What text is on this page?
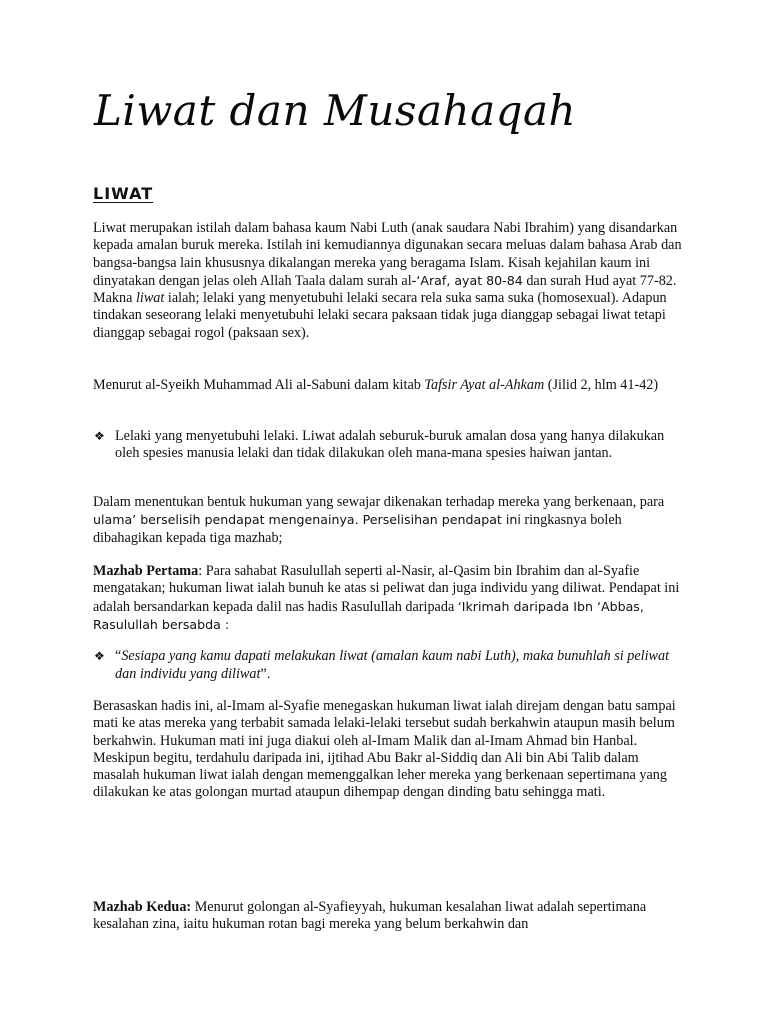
Liwat dan Musahaqah
LIWAT

Liwat merupakan istilah dalam bahasa kaum Nabi Luth (anak saudara Nabi Ibrahim) yang disandarkan kepada amalan buruk mereka. Istilah ini kemudiannya digunakan secara meluas dalam bahasa Arab dan bangsa-bangsa lain khususnya dikalangan mereka yang beragama Islam. Kisah kejahilan kaum ini dinyatakan dengan jelas oleh Allah Taala dalam surah al-‘Araf, ayat 80-84 dan surah Hud ayat 77-82. Makna liwat ialah; lelaki yang menyetubuhi lelaki secara rela suka sama suka (homosexual). Adapun tindakan seseorang lelaki menyetubuhi lelaki secara paksaan tidak juga dianggap sebagai liwat tetapi dianggap sebagai rogol (paksaan sex).

Menurut al-Syeikh Muhammad Ali al-Sabuni dalam kitab Tafsir Ayat al-Ahkam (Jilid 2, hlm 41-42)

❖ Lelaki yang menyetubuhi lelaki. Liwat adalah seburuk-buruk amalan dosa yang hanya dilakukan oleh spesies manusia lelaki dan tidak dilakukan oleh mana-mana spesies haiwan jantan.

Dalam menentukan bentuk hukuman yang sewajar dikenakan terhadap mereka yang berkenaan, para ulama’ berselisih pendapat mengenainya. Perselisihan pendapat ini ringkasnya boleh dibahagikan kepada tiga mazhab;

Mazhab Pertama: Para sahabat Rasulullah seperti al-Nasir, al-Qasim bin Ibrahim dan al-Syafie mengatakan; hukuman liwat ialah bunuh ke atas si peliwat dan juga individu yang diliwat. Pendapat ini adalah bersandarkan kepada dalil nas hadis Rasulullah daripada ‘Ikrimah daripada Ibn ‘Abbas, Rasulullah bersabda :

❖ “Sesiapa yang kamu dapati melakukan liwat (amalan kaum nabi Luth), maka bunuhlah si peliwat dan individu yang diliwat”.

Berasaskan hadis ini, al-Imam al-Syafie menegaskan hukuman liwat ialah direjam dengan batu sampai mati ke atas mereka yang terbabit samada lelaki-lelaki tersebut sudah berkahwin ataupun masih belum berkahwin. Hukuman mati ini juga diakui oleh al-Imam Malik dan al-Imam Ahmad bin Hanbal. Meskipun begitu, terdahulu daripada ini, ijtihad Abu Bakr al-Siddiq dan Ali bin Abi Talib dalam masalah hukuman liwat ialah dengan memenggalkan leher mereka yang berkenaan sepertimana yang dilakukan ke atas golongan murtad ataupun dihempap dengan dinding batu sehingga mati.

Mazhab Kedua: Menurut golongan al-Syafieyyah, hukuman kesalahan liwat adalah sepertimana kesalahan zina, iaitu hukuman rotan bagi mereka yang belum berkahwin dan
